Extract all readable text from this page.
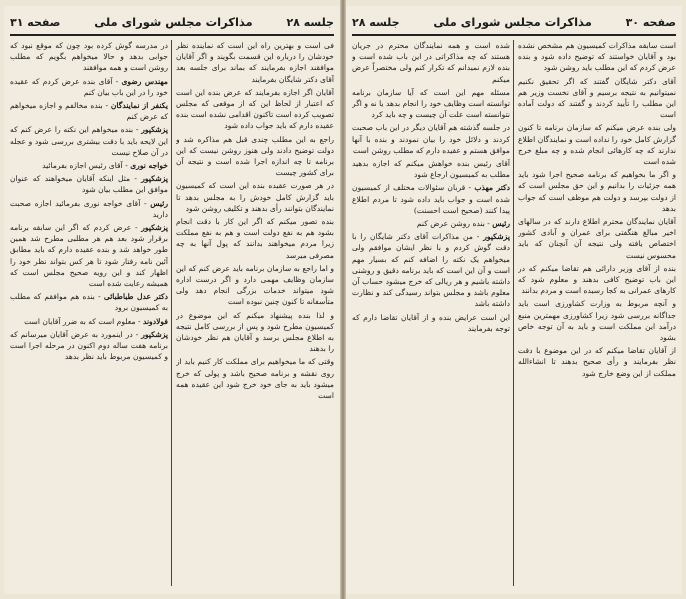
جلسه ۲۸
مذاکرات مجلس شورای ملی
صفحه ۳۱

فی است و بهترین راه این است که نماینده نظر خودشان را درباره این قسمت بگویند و اگر آقایان موافقند اجازه بفرمایند که بماند برای جلسه بعد آقای دکتر شایگان بفرمایند

آقایان اگر اجازه بفرمایند که عرض بنده این است که اعتبار از لحاظ این که از موقعی که مجلس تصویب کرده است تاکنون اقدامی نشده است بنده عقیده دارم که باید جواب داده شود

راجع به این مطلب چندی قبل هم مذاکره شد و دولت توضیح دادند ولی هنوز روشن نیست که این برنامه تا چه اندازه اجرا شده است و نتیجه آن برای کشور چیست

در هر صورت عقیده بنده این است که کمیسیون باید گزارش کامل خودش را به مجلس بدهد تا نمایندگان بتوانند رأی بدهند و تکلیف روشن شود

بنده تصور میکنم که اگر این کار با دقت انجام بشود هم به نفع دولت است و هم به نفع مملکت زیرا مردم میخواهند بدانند که پول آنها به چه مصرفی میرسد

و اما راجع به سازمان برنامه باید عرض کنم که این سازمان وظایف مهمی دارد و اگر درست اداره شود میتواند خدمات بزرگی انجام دهد ولی متأسفانه تا کنون چنین نبوده است

و لذا بنده پیشنهاد میکنم که این موضوع در کمیسیون مطرح شود و پس از بررسی کامل نتیجه به اطلاع مجلس برسد و آقایان هم نظر خودشان را بدهند

وقتی که ما میخواهیم برای مملکت کار کنیم باید از روی نقشه و برنامه صحیح باشد و پولی که خرج میشود باید به جای خود خرج شود این عقیده همه است

در مدرسه گوش کرده بود چون که موقع نبود که جوابی بدهد و حالا میخواهم بگویم که مطلب روشن است و همه موافقند

مهندس رضوی - آقای بنده عرض کردم که عقیده خود را در این باب بیان کنم

یکنفر از نمایندگان - بنده مخالفم و اجازه میخواهم که عرض کنم

پزشکپور - بنده میخواهم این نکته را عرض کنم که این لایحه باید با دقت بیشتری بررسی شود و عجله در آن صلاح نیست

خواجه نوری - آقای رئیس اجازه بفرمائید

پزشکپور - مثل اینکه آقایان میخواهند که عنوان موافق این مطلب بیان شود

رئیس - آقای خواجه نوری بفرمائید اجازه صحبت دارید

پزشکپور - عرض کردم که اگر این سابقه برنامه برقرار شود بعد هم هر مطلبی مطرح شد همین طور خواهد شد و بنده عقیده دارم که باید مطابق آئین نامه رفتار شود تا هر کس بتواند نظر خود را اظهار کند و این رویه صحیح مجلس است که همیشه رعایت شده است

دکتر عدل طباطبائی - بنده هم موافقم که مطلب به کمیسیون برود

فولادوند - معلوم است که به ضرر آقایان است

پزشکپور - در اینمورد به عرض آقایان میرسانم که برنامه هفت ساله دوم اکنون در مرحله اجرا است و کمیسیون مربوط باید نظر بدهد

صفحه ۳۰
مذاکرات مجلس شورای ملی
جلسه ۲۸

است سابقه مذاکرات کمیسیون هم مشخص نشده بود و آقایان خواستند که توضیح داده شود و بنده عرض کردم که این مطلب باید روشن شود

آقای دکتر شایگان گفتند که اگر تحقیق نکنیم نمیتوانیم به نتیجه برسیم و آقای نخست وزیر هم این مطلب را تأیید کردند و گفتند که دولت آماده است

ولی بنده عرض میکنم که سازمان برنامه تا کنون گزارش کامل خود را نداده است و نمایندگان اطلاع ندارند که چه کارهائی انجام شده و چه مبلغ خرج شده است

و اگر ما بخواهیم که برنامه صحیح اجرا شود باید همه جزئیات را بدانیم و این حق مجلس است که از دولت بپرسد و دولت هم موظف است که جواب بدهد

آقایان نمایندگان محترم اطلاع دارند که در سالهای اخیر مبالغ هنگفتی برای عمران و آبادی کشور اختصاص یافته ولی نتیجه آن آنچنان که باید محسوس نیست

بنده از آقای وزیر دارائی هم تقاضا میکنم که در این باب توضیح کافی بدهند و معلوم شود که کارهای عمرانی به کجا رسیده است و مردم بدانند

و آنچه مربوط به وزارت کشاورزی است باید جداگانه بررسی شود زیرا کشاورزی مهمترین منبع درآمد این مملکت است و باید به آن توجه خاص بشود

از آقایان تقاضا میکنم که در این موضوع با دقت نظر بفرمایند و رأی صحیح بدهند تا انشاءالله مملکت از این وضع خارج شود

شده است و همه نمایندگان محترم در جریان هستند که چه مذاکراتی در این باب شده است و بنده لازم نمیدانم که تکرار کنم ولی مختصراً عرض میکنم

مسئله مهم این است که آیا سازمان برنامه توانسته است وظایف خود را انجام بدهد یا نه و اگر نتوانسته است علت آن چیست و چه باید کرد

در جلسه گذشته هم آقایان دیگر در این باب صحبت کردند و دلائل خود را بیان نمودند و بنده با آنها موافق هستم و عقیده دارم که مطلب روشن است

آقای رئیس بنده خواهش میکنم که اجازه بدهید مطلب به کمیسیون ارجاع شود

دکتر مهذب - قربان سئوالات مختلف از کمیسیون شده است و جواب باید داده شود تا مردم اطلاع پیدا کنند (صحیح است احسنت)

رئیس - بنده روشن عرض کنم

پزشکپور - من مذاکرات آقای دکتر شایگان را با دقت گوش کردم و با نظر ایشان موافقم ولی میخواهم یک نکته را اضافه کنم که بسیار مهم است و آن این است که باید برنامه دقیق و روشنی داشته باشیم و هر ریالی که خرج میشود حساب آن معلوم باشد و مجلس بتواند رسیدگی کند و نظارت داشته باشد

این است عرایض بنده و از آقایان تقاضا دارم که توجه بفرمایند
